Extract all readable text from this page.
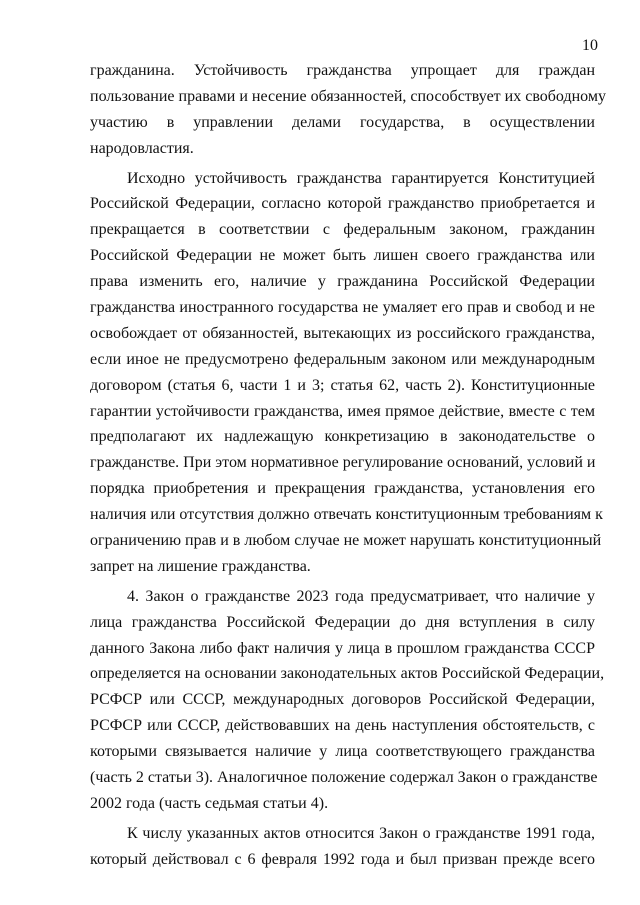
10
гражданина. Устойчивость гражданства упрощает для граждан
пользование правами и несение обязанностей, способствует их свободному
участию в управлении делами государства, в осуществлении
народовластия.
Исходно устойчивость гражданства гарантируется Конституцией
Российской Федерации, согласно которой гражданство приобретается и
прекращается в соответствии с федеральным законом, гражданин
Российской Федерации не может быть лишен своего гражданства или
права изменить его, наличие у гражданина Российской Федерации
гражданства иностранного государства не умаляет его прав и свобод и не
освобождает от обязанностей, вытекающих из российского гражданства,
если иное не предусмотрено федеральным законом или международным
договором (статья 6, части 1 и 3; статья 62, часть 2). Конституционные
гарантии устойчивости гражданства, имея прямое действие, вместе с тем
предполагают их надлежащую конкретизацию в законодательстве о
гражданстве. При этом нормативное регулирование оснований, условий и
порядка приобретения и прекращения гражданства, установления его
наличия или отсутствия должно отвечать конституционным требованиям к
ограничению прав и в любом случае не может нарушать конституционный
запрет на лишение гражданства.
4. Закон о гражданстве 2023 года предусматривает, что наличие у
лица гражданства Российской Федерации до дня вступления в силу
данного Закона либо факт наличия у лица в прошлом гражданства СССР
определяется на основании законодательных актов Российской Федерации,
РСФСР или СССР, международных договоров Российской Федерации,
РСФСР или СССР, действовавших на день наступления обстоятельств, с
которыми связывается наличие у лица соответствующего гражданства
(часть 2 статьи 3). Аналогичное положение содержал Закон о гражданстве
2002 года (часть седьмая статьи 4).
К числу указанных актов относится Закон о гражданстве 1991 года,
который действовал с 6 февраля 1992 года и был призван прежде всего
